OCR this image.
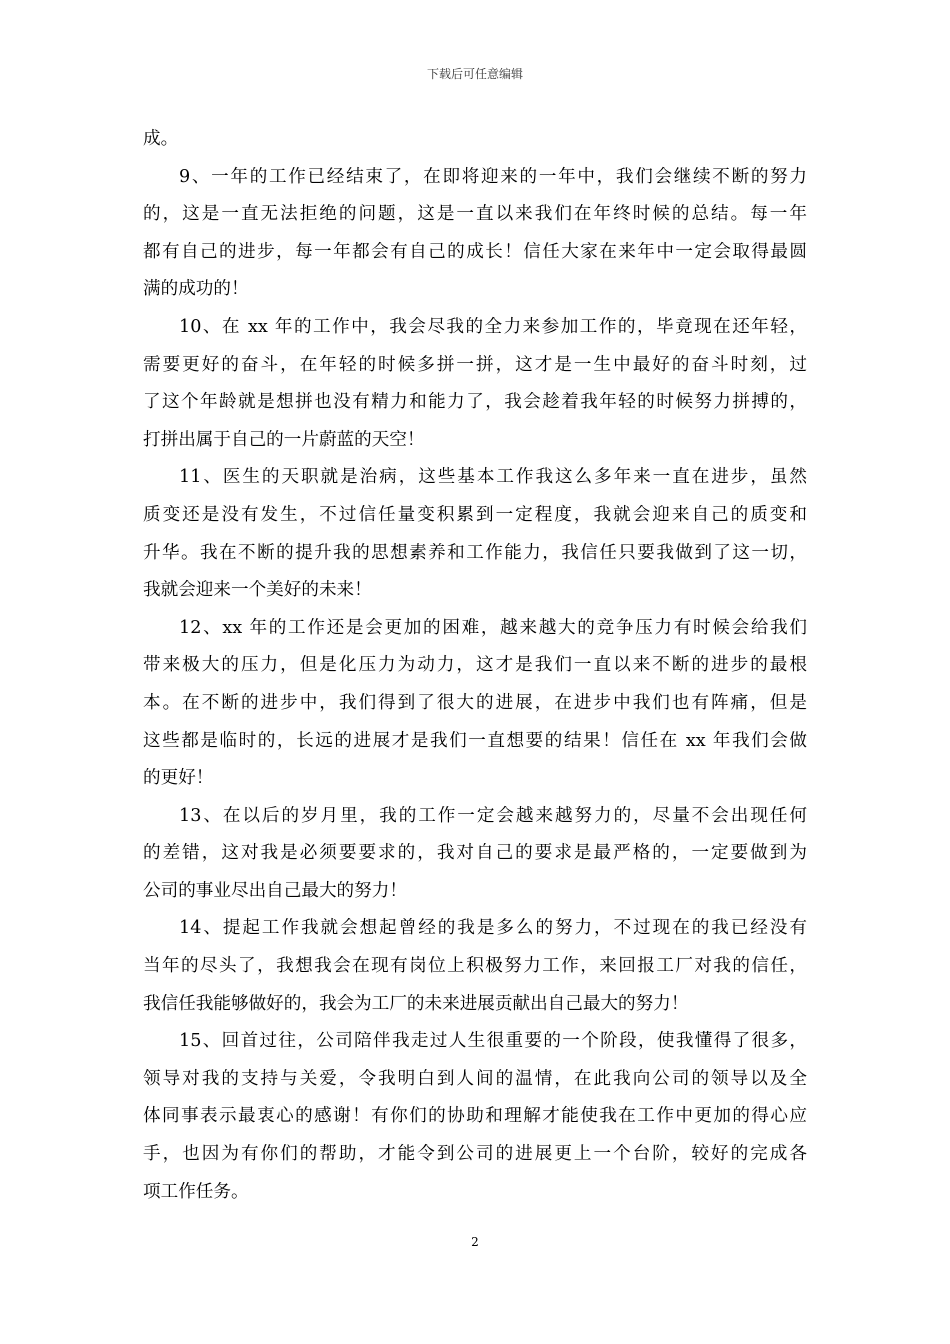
下载后可任意编辑
成。
9、一年的工作已经结束了，在即将迎来的一年中，我们会继续不断的努力
的，这是一直无法拒绝的问题，这是一直以来我们在年终时候的总结。每一年
都有自己的进步，每一年都会有自己的成长！信任大家在来年中一定会取得最圆
满的成功的！
10、在 xx 年的工作中，我会尽我的全力来参加工作的，毕竟现在还年轻，
需要更好的奋斗，在年轻的时候多拼一拼，这才是一生中最好的奋斗时刻，过
了这个年龄就是想拼也没有精力和能力了，我会趁着我年轻的时候努力拼搏的，
打拼出属于自己的一片蔚蓝的天空！
11、医生的天职就是治病，这些基本工作我这么多年来一直在进步，虽然
质变还是没有发生，不过信任量变积累到一定程度，我就会迎来自己的质变和
升华。我在不断的提升我的思想素养和工作能力，我信任只要我做到了这一切，
我就会迎来一个美好的未来！
12、xx 年的工作还是会更加的困难，越来越大的竞争压力有时候会给我们
带来极大的压力，但是化压力为动力，这才是我们一直以来不断的进步的最根
本。在不断的进步中，我们得到了很大的进展，在进步中我们也有阵痛，但是
这些都是临时的，长远的进展才是我们一直想要的结果！信任在 xx 年我们会做
的更好！
13、在以后的岁月里，我的工作一定会越来越努力的，尽量不会出现任何
的差错，这对我是必须要要求的，我对自己的要求是最严格的，一定要做到为
公司的事业尽出自己最大的努力！
14、提起工作我就会想起曾经的我是多么的努力，不过现在的我已经没有
当年的尽头了，我想我会在现有岗位上积极努力工作，来回报工厂对我的信任，
我信任我能够做好的，我会为工厂的未来进展贡献出自己最大的努力！
15、回首过往，公司陪伴我走过人生很重要的一个阶段，使我懂得了很多，
领导对我的支持与关爱，令我明白到人间的温情，在此我向公司的领导以及全
体同事表示最衷心的感谢！有你们的协助和理解才能使我在工作中更加的得心应
手，也因为有你们的帮助，才能令到公司的进展更上一个台阶，较好的完成各
项工作任务。
2
